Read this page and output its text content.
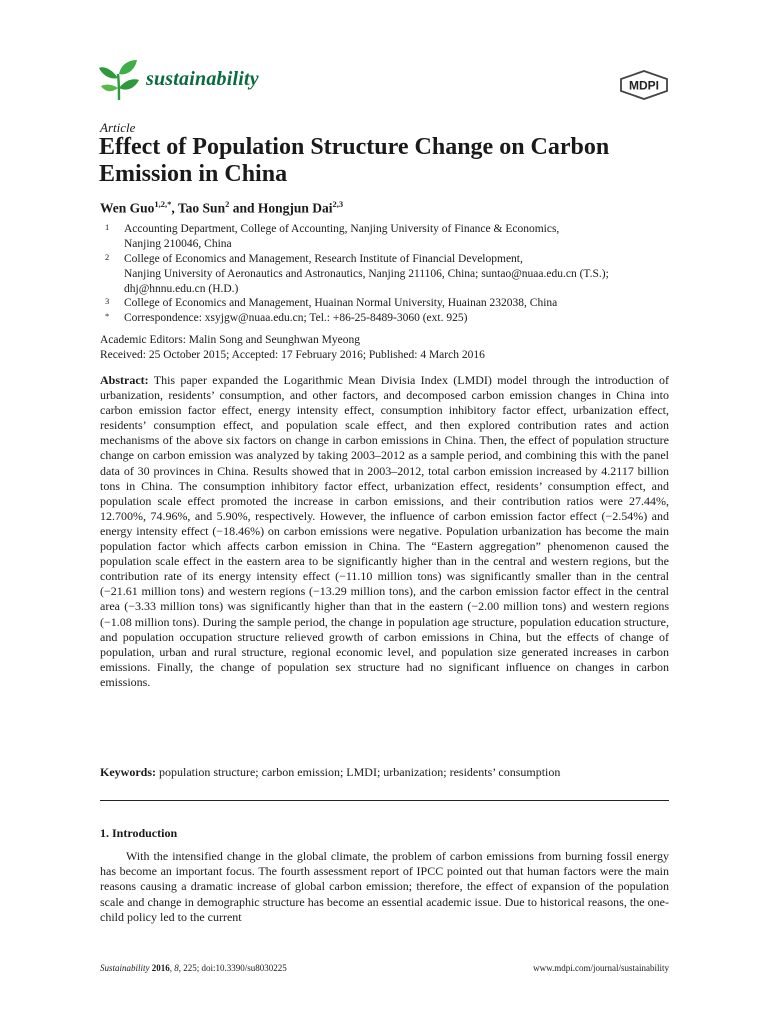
sustainability	MDPI
Article
Effect of Population Structure Change on Carbon Emission in China
Wen Guo$^{1,2,*}$, Tao Sun$^2$ and Hongjun Dai$^{2,3}$
1 Accounting Department, College of Accounting, Nanjing University of Finance & Economics,
Nanjing 210046, China
2 College of Economics and Management, Research Institute of Financial Development,
Nanjing University of Aeronautics and Astronautics, Nanjing 211106, China; suntao@nuaa.edu.cn (T.S.);
dhj@hnnu.edu.cn (H.D.)
3 College of Economics and Management, Huainan Normal University, Huainan 232038, China
* Correspondence: xsyjgw@nuaa.edu.cn; Tel.: +86-25-8489-3060 (ext. 925)
Academic Editors: Malin Song and Seunghwan Myeong
Received: 25 October 2015; Accepted: 17 February 2016; Published: 4 March 2016
Abstract: This paper expanded the Logarithmic Mean Divisia Index (LMDI) model through the introduction of urbanization, residents’ consumption, and other factors, and decomposed carbon emission changes in China into carbon emission factor effect, energy intensity effect, consumption inhibitory factor effect, urbanization effect, residents’ consumption effect, and population scale effect, and then explored contribution rates and action mechanisms of the above six factors on change in carbon emissions in China. Then, the effect of population structure change on carbon emission was analyzed by taking 2003–2012 as a sample period, and combining this with the panel data of 30 provinces in China. Results showed that in 2003–2012, total carbon emission increased by 4.2117 billion tons in China. The consumption inhibitory factor effect, urbanization effect, residents’ consumption effect, and population scale effect promoted the increase in carbon emissions, and their contribution ratios were 27.44%, 12.700%, 74.96%, and 5.90%, respectively. However, the influence of carbon emission factor effect (−2.54%) and energy intensity effect (−18.46%) on carbon emissions were negative. Population urbanization has become the main population factor which affects carbon emission in China. The “Eastern aggregation” phenomenon caused the population scale effect in the eastern area to be significantly higher than in the central and western regions, but the contribution rate of its energy intensity effect (−11.10 million tons) was significantly smaller than in the central (−21.61 million tons) and western regions (−13.29 million tons), and the carbon emission factor effect in the central area (−3.33 million tons) was significantly higher than that in the eastern (−2.00 million tons) and western regions (−1.08 million tons). During the sample period, the change in population age structure, population education structure, and population occupation structure relieved growth of carbon emissions in China, but the effects of change of population, urban and rural structure, regional economic level, and population size generated increases in carbon emissions. Finally, the change of population sex structure had no significant influence on changes in carbon emissions.
Keywords: population structure; carbon emission; LMDI; urbanization; residents’ consumption
1. Introduction
With the intensified change in the global climate, the problem of carbon emissions from burning fossil energy has become an important focus. The fourth assessment report of IPCC pointed out that human factors were the main reasons causing a dramatic increase of global carbon emission; therefore, the effect of expansion of the population scale and change in demographic structure has become an essential academic issue. Due to historical reasons, the one-child policy led to the current
Sustainability 2016, 8, 225; doi:10.3390/su8030225	www.mdpi.com/journal/sustainability
